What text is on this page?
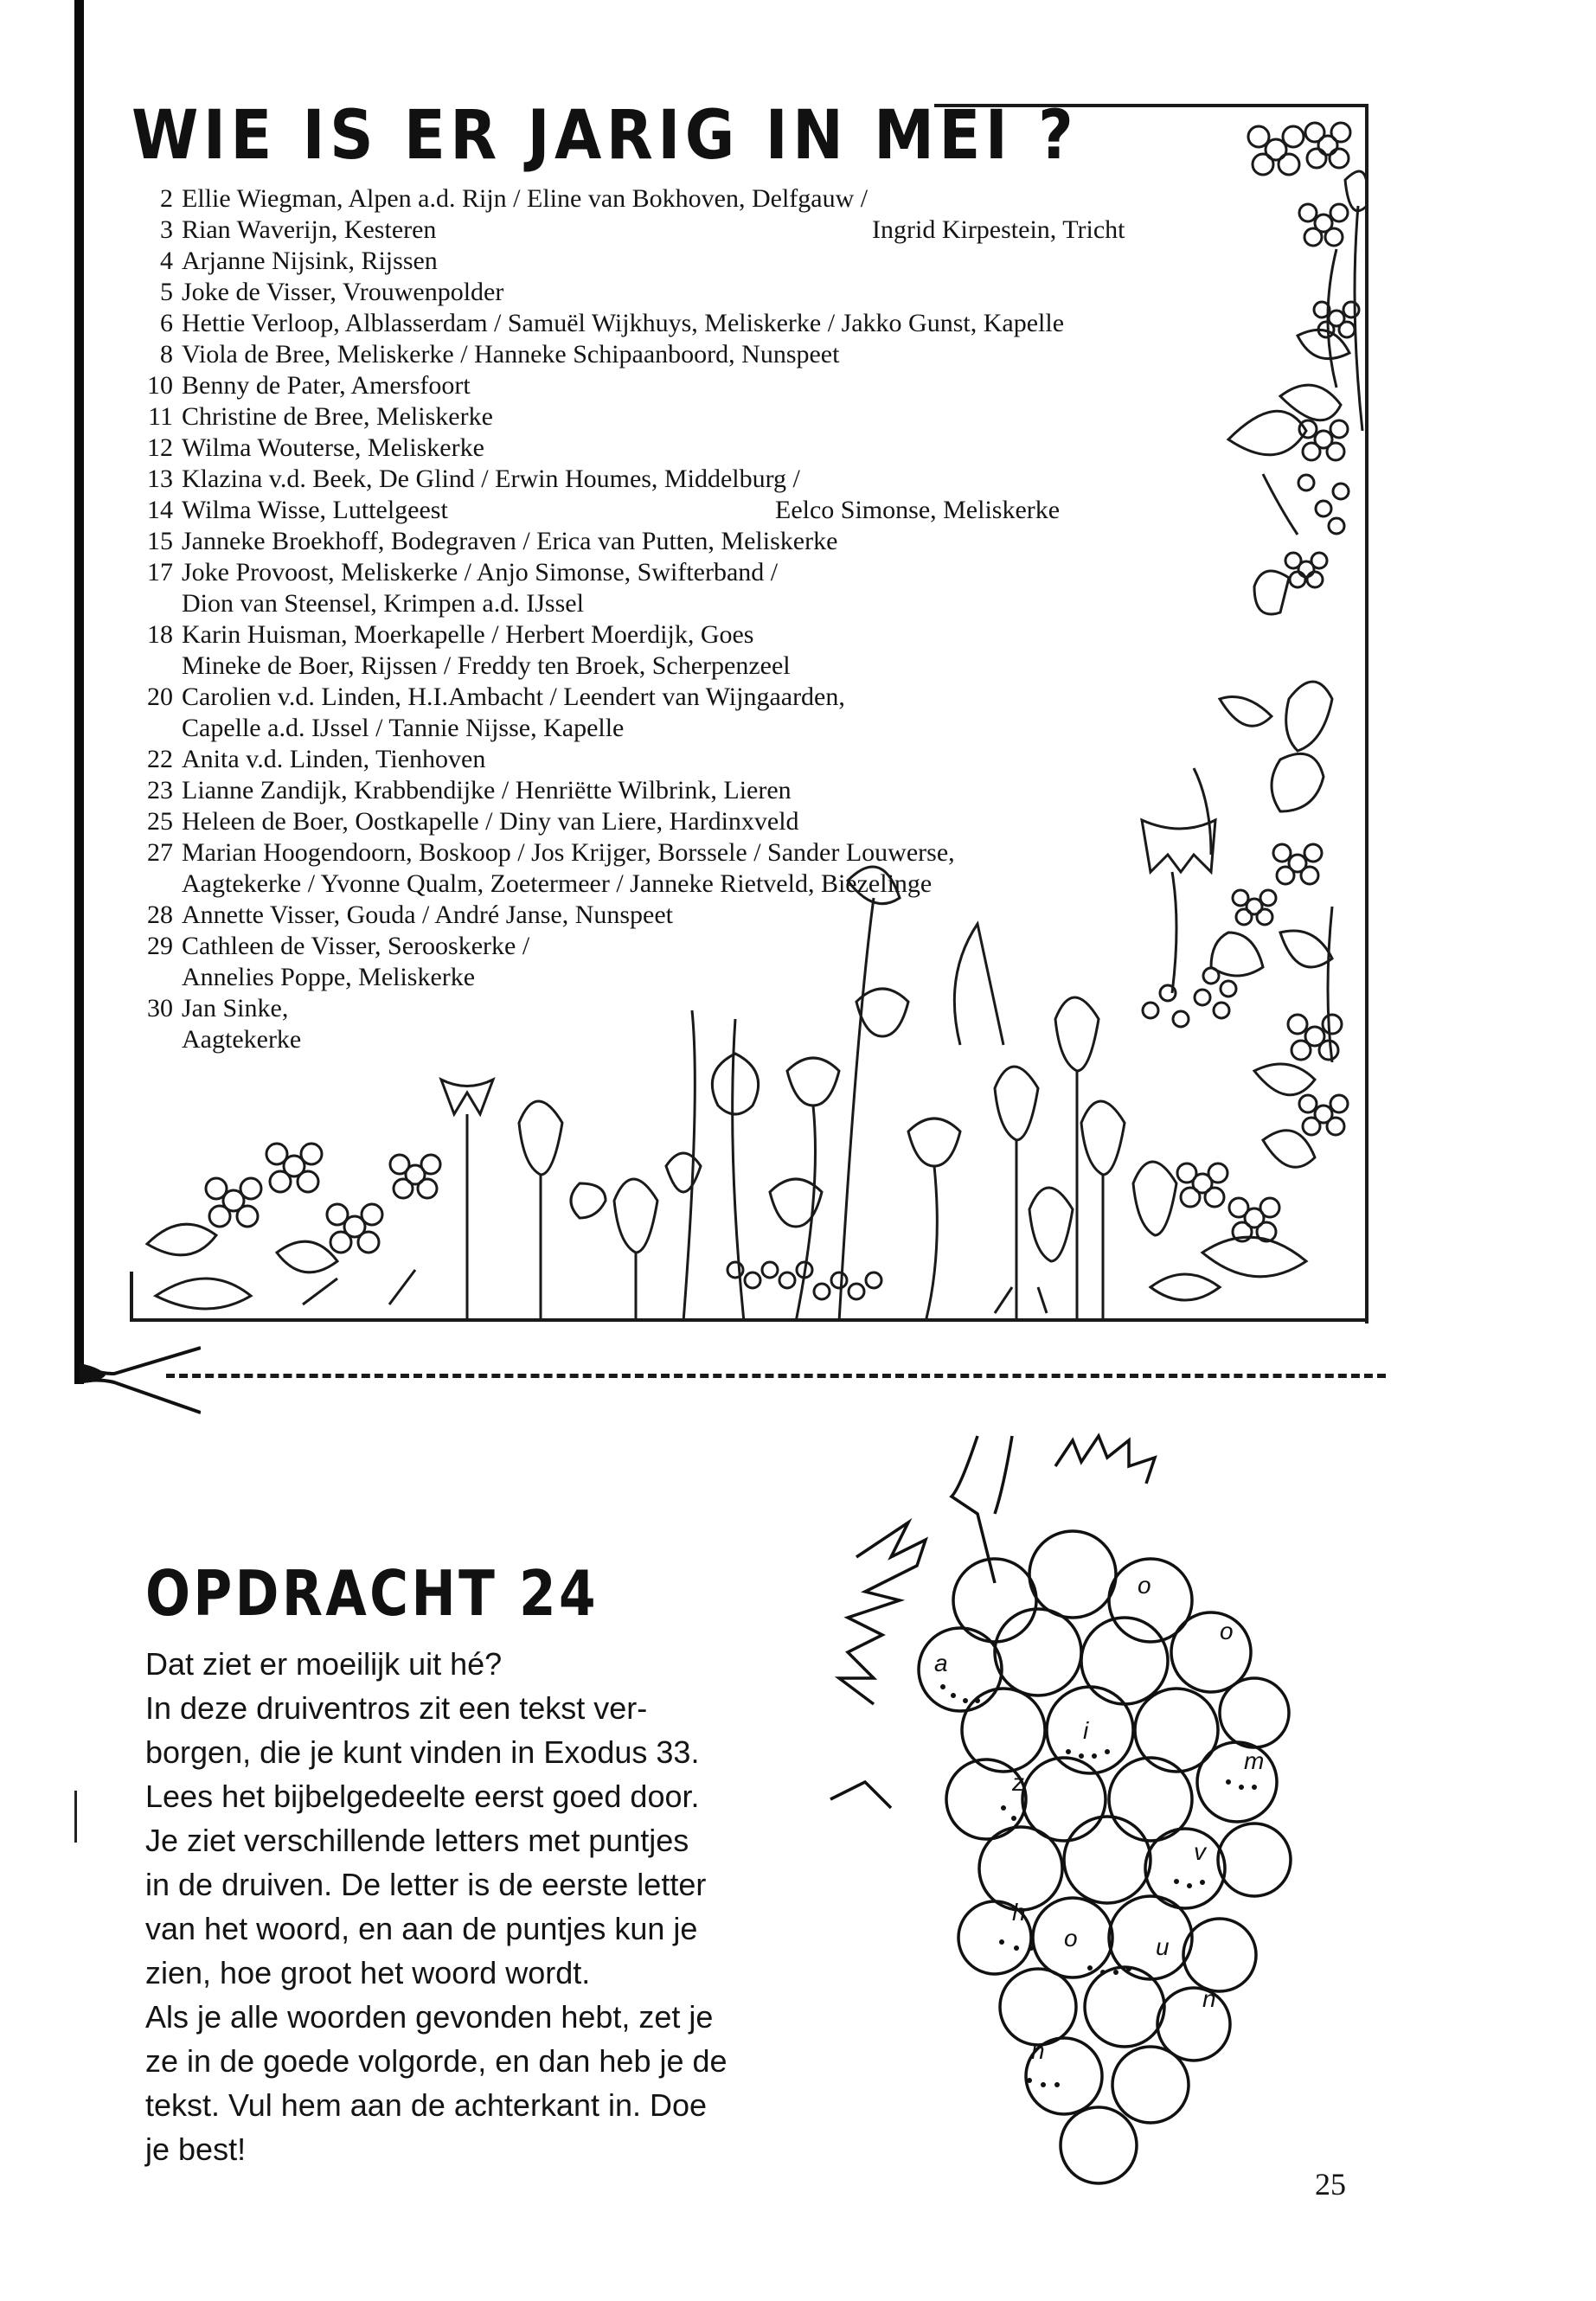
WIE IS ER JARIG IN MEI ?
2 Ellie Wiegman, Alpen a.d. Rijn / Eline van Bokhoven, Delfgauw /
3 Rian Waverijn, Kesteren	Ingrid Kirpestein, Tricht
4 Arjanne Nijsink, Rijssen
5 Joke de Visser, Vrouwenpolder
6 Hettie Verloop, Alblasserdam / Samuël Wijkhuys, Meliskerke / Jakko Gunst, Kapelle
8 Viola de Bree, Meliskerke / Hanneke Schipaanboord, Nunspeet
10 Benny de Pater, Amersfoort
11 Christine de Bree, Meliskerke
12 Wilma Wouterse, Meliskerke
13 Klazina v.d. Beek, De Glind / Erwin Houmes, Middelburg /
14 Wilma Wisse, Luttelgeest	Eelco Simonse, Meliskerke
15 Janneke Broekhoff, Bodegraven / Erica van Putten, Meliskerke
17 Joke Provoost, Meliskerke / Anjo Simonse, Swifterband /
Dion van Steensel, Krimpen a.d. IJssel
18 Karin Huisman, Moerkapelle / Herbert Moerdijk, Goes
Mineke de Boer, Rijssen / Freddy ten Broek, Scherpenzeel
20 Carolien v.d. Linden, H.I.Ambacht / Leendert van Wijngaarden,
Capelle a.d. IJssel / Tannie Nijsse, Kapelle
22 Anita v.d. Linden, Tienhoven
23 Lianne Zandijk, Krabbendijke / Henriëtte Wilbrink, Lieren
25 Heleen de Boer, Oostkapelle / Diny van Liere, Hardinxveld
27 Marian Hoogendoorn, Boskoop / Jos Krijger, Borssele / Sander Louwerse,
Aagtekerke / Yvonne Qualm, Zoetermeer / Janneke Rietveld, Biezelinge
28 Annette Visser, Gouda / André Janse, Nunspeet
29 Cathleen de Visser, Serooskerke /
Annelies Poppe, Meliskerke
30 Jan Sinke,
Aagtekerke
OPDRACHT 24
Dat ziet er moeilijk uit hé?
In deze druiventros zit een tekst ver-
borgen, die je kunt vinden in Exodus 33.
Lees het bijbelgedeelte eerst goed door.
Je ziet verschillende letters met puntjes
in de druiven. De letter is de eerste letter
van het woord, en aan de puntjes kun je
zien, hoe groot het woord wordt.
Als je alle woorden gevonden hebt, zet je
ze in de goede volgorde, en dan heb je de
tekst. Vul hem aan de achterkant in. Doe
je best!
o
o
a
i
m
z
v
h
o	u
n
n
25
